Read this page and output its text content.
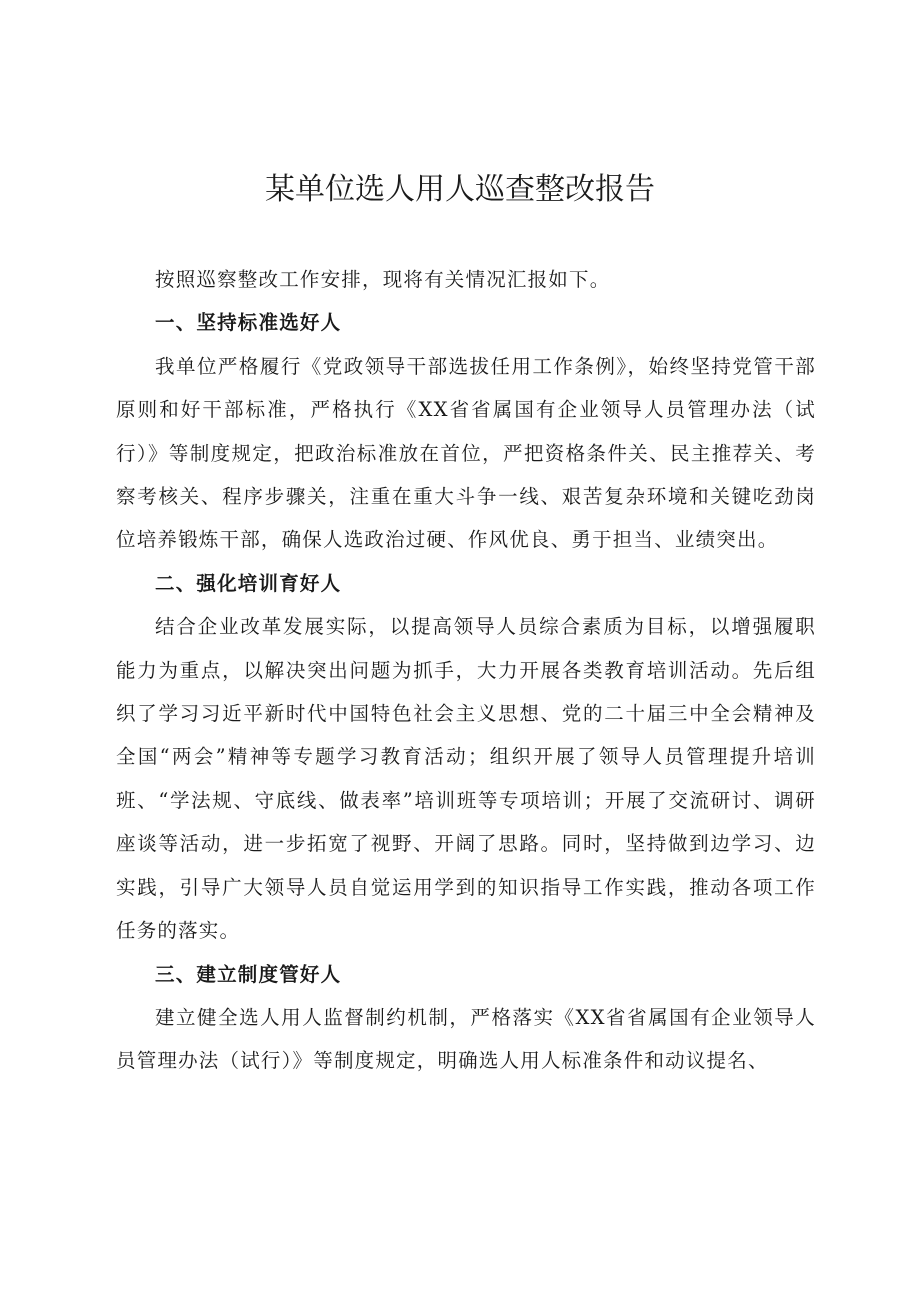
某单位选人用人巡查整改报告

按照巡察整改工作安排，现将有关情况汇报如下。

一、坚持标准选好人

我单位严格履行《党政领导干部选拔任用工作条例》，始终坚持党管干部原则和好干部标准，严格执行《XX省省属国有企业领导人员管理办法（试行）》等制度规定，把政治标准放在首位，严把资格条件关、民主推荐关、考察考核关、程序步骤关，注重在重大斗争一线、艰苦复杂环境和关键吃劲岗位培养锻炼干部，确保人选政治过硬、作风优良、勇于担当、业绩突出。

二、强化培训育好人

结合企业改革发展实际，以提高领导人员综合素质为目标，以增强履职能力为重点，以解决突出问题为抓手，大力开展各类教育培训活动。先后组织了学习习近平新时代中国特色社会主义思想、党的二十届三中全会精神及全国“两会”精神等专题学习教育活动；组织开展了领导人员管理提升培训班、“学法规、守底线、做表率”培训班等专项培训；开展了交流研讨、调研座谈等活动，进一步拓宽了视野、开阔了思路。同时，坚持做到边学习、边实践，引导广大领导人员自觉运用学到的知识指导工作实践，推动各项工作任务的落实。

三、建立制度管好人

建立健全选人用人监督制约机制，严格落实《XX省省属国有企业领导人员管理办法（试行）》等制度规定，明确选人用人标准条件和动议提名、
